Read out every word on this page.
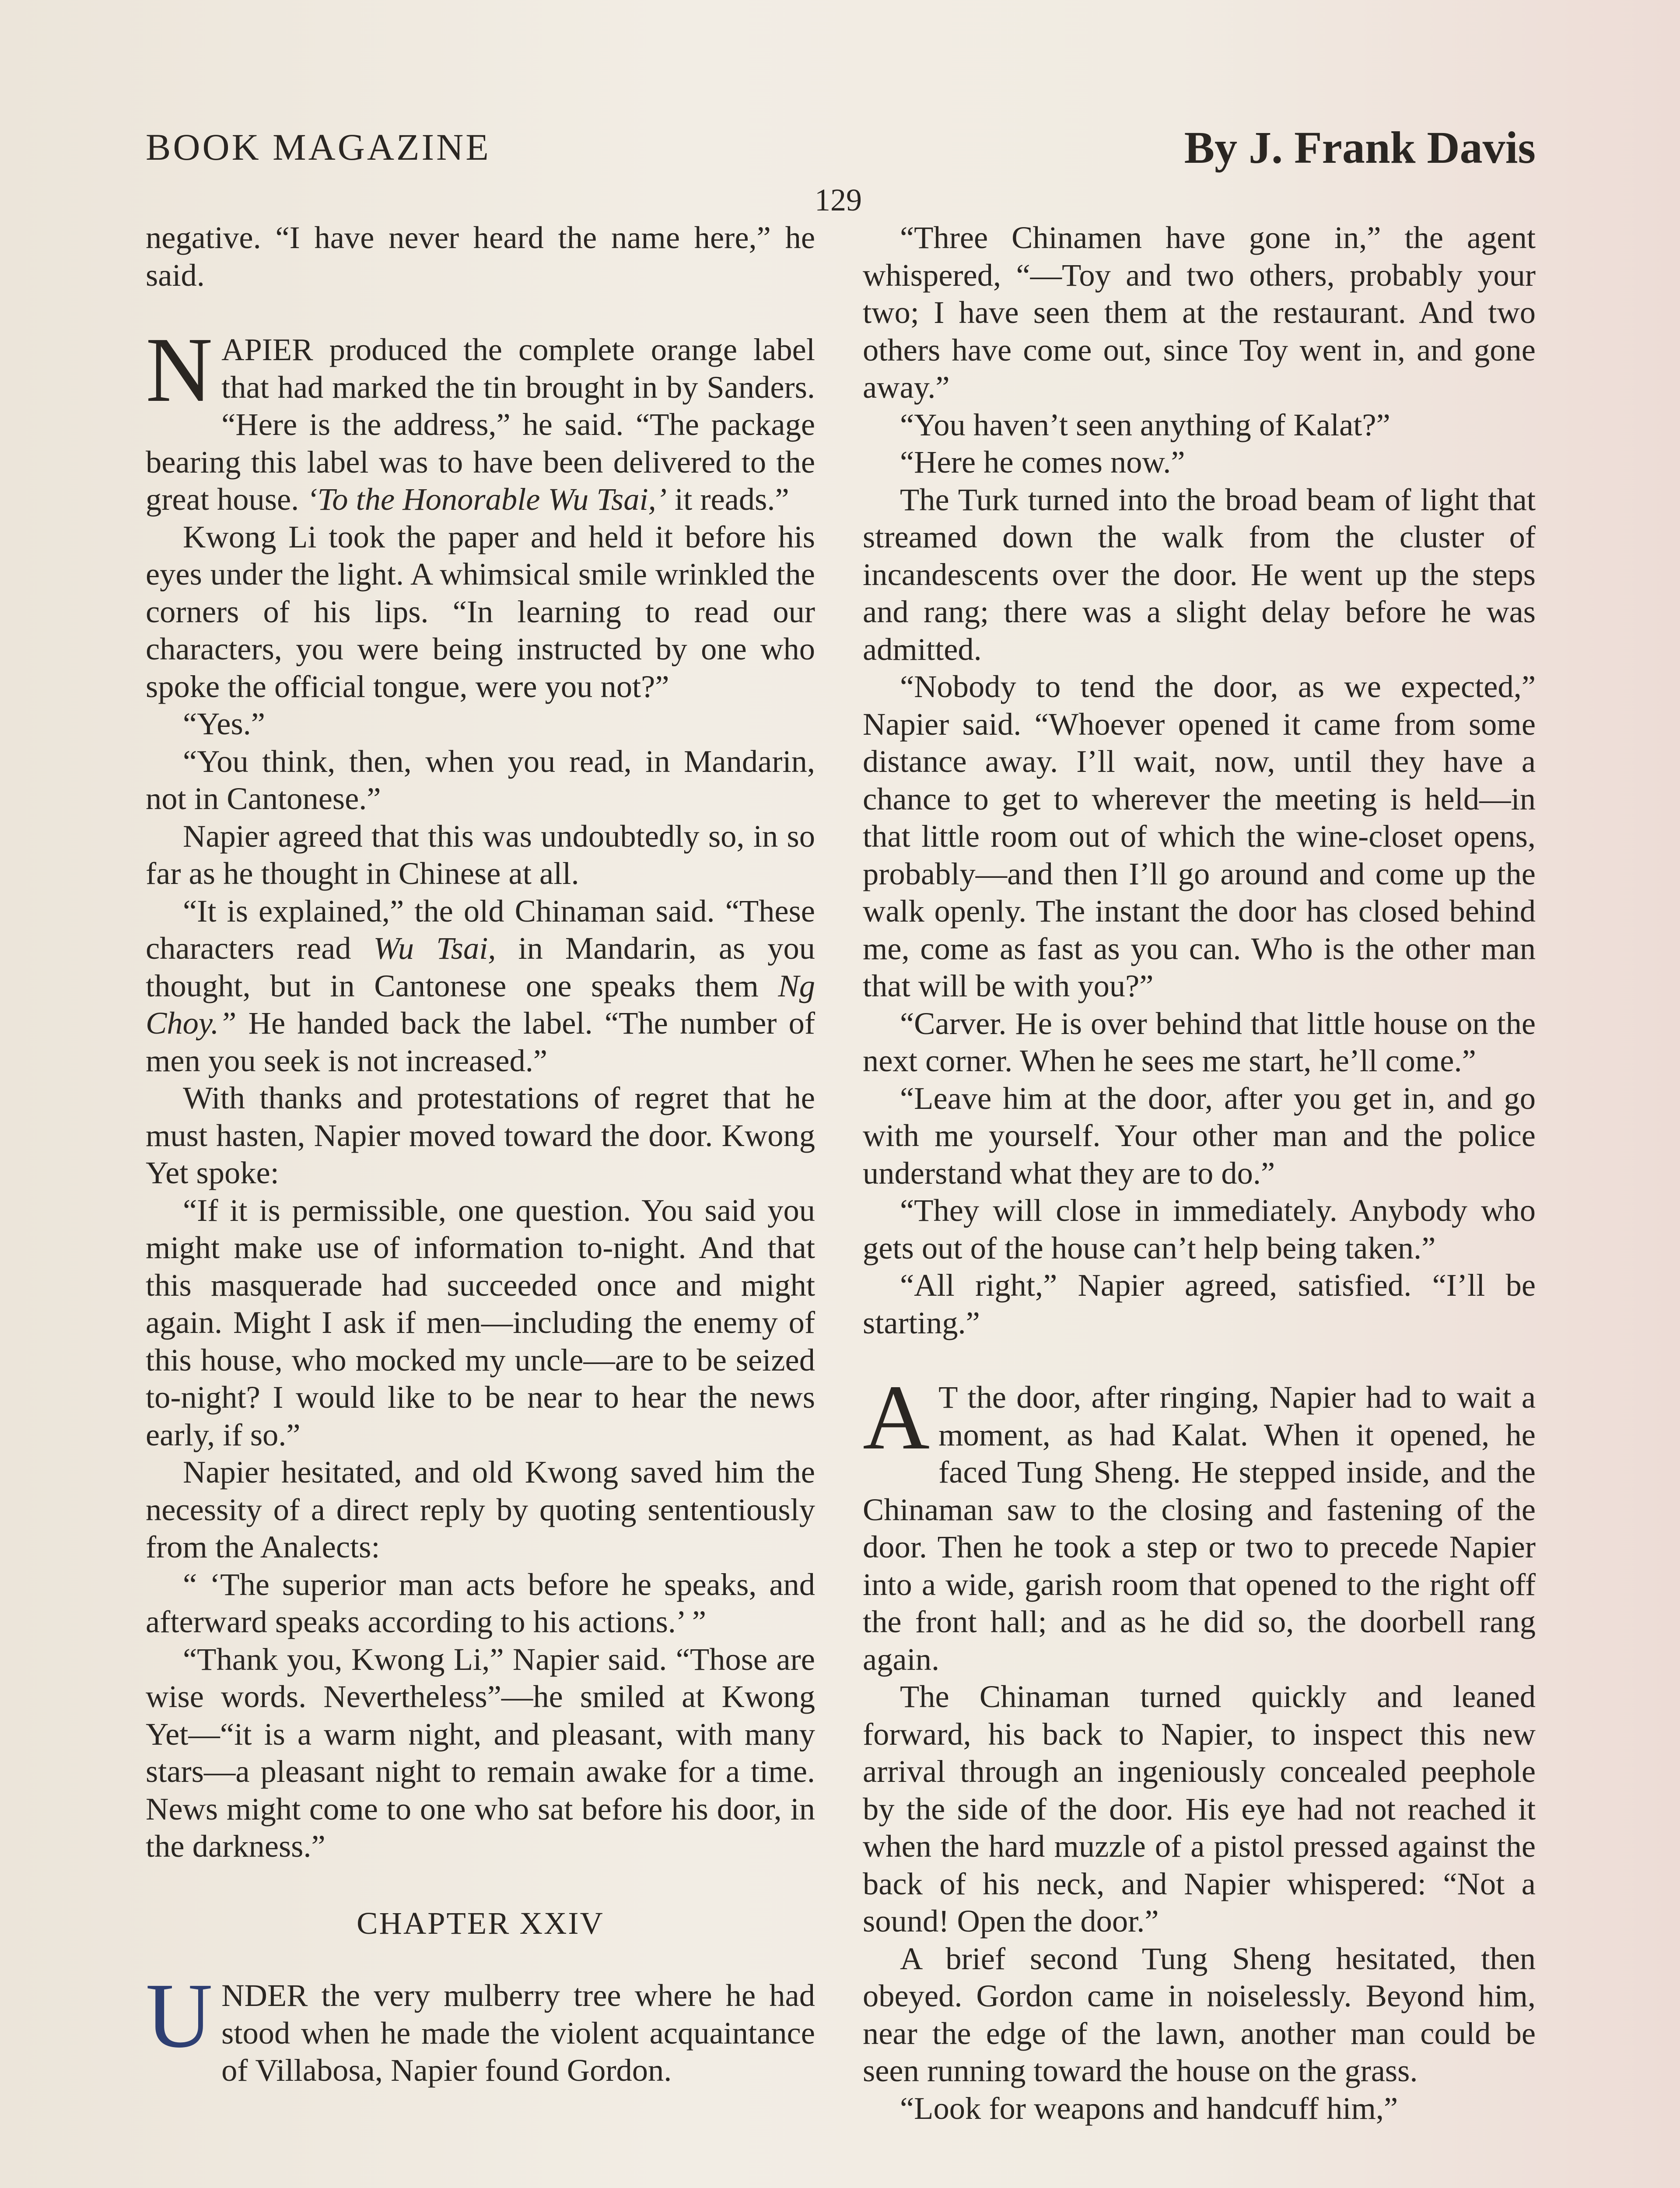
BOOK MAGAZINE	By J. Frank Davis
129

negative. “I have never heard the name here,” he said.

NAPIER produced the complete orange label that had marked the tin brought in by Sanders. “Here is the address,” he said. “The package bearing this label was to have been delivered to the great house. ‘To the Honorable Wu Tsai,’ it reads.”

Kwong Li took the paper and held it before his eyes under the light. A whimsical smile wrinkled the corners of his lips. “In learning to read our characters, you were being instructed by one who spoke the official tongue, were you not?”

“Yes.”

“You think, then, when you read, in Mandarin, not in Cantonese.”

Napier agreed that this was undoubtedly so, in so far as he thought in Chinese at all.

“It is explained,” the old Chinaman said. “These characters read Wu Tsai, in Mandarin, as you thought, but in Cantonese one speaks them Ng Choy.” He handed back the label. “The number of men you seek is not increased.”

With thanks and protestations of regret that he must hasten, Napier moved toward the door. Kwong Yet spoke:

“If it is permissible, one question. You said you might make use of information to-night. And that this masquerade had succeeded once and might again. Might I ask if men—including the enemy of this house, who mocked my uncle—are to be seized to-night? I would like to be near to hear the news early, if so.”

Napier hesitated, and old Kwong saved him the necessity of a direct reply by quoting sententiously from the Analects:

“ ‘The superior man acts before he speaks, and afterward speaks according to his actions.’ ”

“Thank you, Kwong Li,” Napier said. “Those are wise words. Nevertheless”—he smiled at Kwong Yet—“it is a warm night, and pleasant, with many stars—a pleasant night to remain awake for a time. News might come to one who sat before his door, in the darkness.”

CHAPTER XXIV

UNDER the very mulberry tree where he had stood when he made the violent acquaintance of Villabosa, Napier found Gordon.

“Three Chinamen have gone in,” the agent whispered, “—Toy and two others, probably your two; I have seen them at the restaurant. And two others have come out, since Toy went in, and gone away.”

“You haven’t seen anything of Kalat?”

“Here he comes now.”

The Turk turned into the broad beam of light that streamed down the walk from the cluster of incandescents over the door. He went up the steps and rang; there was a slight delay before he was admitted.

“Nobody to tend the door, as we expected,” Napier said. “Whoever opened it came from some distance away. I’ll wait, now, until they have a chance to get to wherever the meeting is held—in that little room out of which the wine-closet opens, probably—and then I’ll go around and come up the walk openly. The instant the door has closed behind me, come as fast as you can. Who is the other man that will be with you?”

“Carver. He is over behind that little house on the next corner. When he sees me start, he’ll come.”

“Leave him at the door, after you get in, and go with me yourself. Your other man and the police understand what they are to do.”

“They will close in immediately. Anybody who gets out of the house can’t help being taken.”

“All right,” Napier agreed, satisfied. “I’ll be starting.”

A T the door, after ringing, Napier had to wait a moment, as had Kalat. When it opened, he faced Tung Sheng. He stepped inside, and the Chinaman saw to the closing and fastening of the door. Then he took a step or two to precede Napier into a wide, garish room that opened to the right off the front hall; and as he did so, the doorbell rang again.

The Chinaman turned quickly and leaned forward, his back to Napier, to inspect this new arrival through an ingeniously concealed peephole by the side of the door. His eye had not reached it when the hard muzzle of a pistol pressed against the back of his neck, and Napier whispered: “Not a sound! Open the door.”

A brief second Tung Sheng hesitated, then obeyed. Gordon came in noiselessly. Beyond him, near the edge of the lawn, another man could be seen running toward the house on the grass.

“Look for weapons and handcuff him,”
